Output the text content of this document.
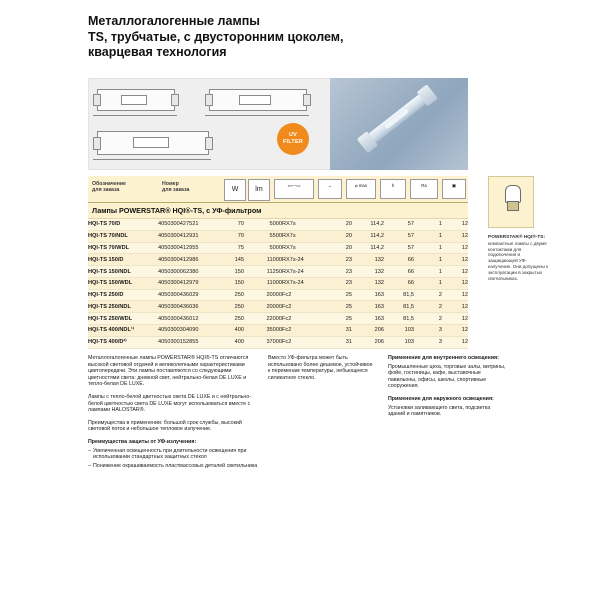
Металлогалогенные лампы
TS, трубчатые, с двусторонним цоколем,
кварцевая технология
UV
FILTER
Обозначение
для заказа
Номер
для заказа	W	lm
▭—▭	↔	⌀ max	h	Ra	▣
Лампы POWERSTAR® HQI®-TS, с УФ-фильтром
HQI-TS 70/D	4050300427521	70	5000	RX7s	20	114,2	57	1	12
HQI-TS 70/NDL	4050300412931	70	5500	RX7s	20	114,2	57	1	12
HQI-TS 70/WDL	4050300412955	75	5000	RX7s	20	114,2	57	1	12
HQI-TS 150/D	4050300412986	145	11000	RX7s-24	23	132	66	1	12
HQI-TS 150/NDL	4050300062380	150	11250	RX7s-24	23	132	66	1	12
HQI-TS 150/WDL	4050300412979	150	11000	RX7s-24	23	132	66	1	12
HQI-TS 250/D	4050300436029	250	20000	Fc2	25	163	81,5	2	12
HQI-TS 250/NDL	4050300436036	250	20000	Fc2	25	163	81,5	2	12
HQI-TS 250/WDL	4050300436012	250	22000	Fc2	25	163	81,5	2	12
HQI-TS 400/NDL¹⁾	4050300304090	400	35000	Fc2	31	206	103	3	12
HQI-TS 400/D²⁾	4050300152855	400	37000	Fc2	31	206	103	3	12
POWERSTAR® HQI®-TS: компактные лампы с двумя контактами для подключения и защищающей УФ-излучение. Они допущены к эксплуатации в закрытых светильниках.

Металлогалогенные лампы POWERSTAR® HQI®-TS отличаются высокой световой отдачей и великолепными характеристиками цветопередачи. Эти лампы поставляются со следующими цветностями света: дневной свет, нейтрально-белая DE LUXE и тепло-белая DE LUXE.

Лампы с тепло-белой цветностью света DE LUXE и с нейтрально-белой цветностью света DE LUXE могут использоваться вместе с лампами HALOSTAR®.

Преимущества в применении: большой срок службы, высокий световой поток и небольшое тепловое излучение.

Преимущества защиты от УФ-излучения:
– Увеличенная освещенность при длительности освещения при использовании стандартных защитных стекол
– Понижение окрашиваемость пластмассовых деталей светильника

Вместо УФ-фильтра может быть использовано более дешевое, устойчивое к переменам температуры, небьющееся силикатное стекло.

Применение для внутреннего освещения:

Промышленные цеха, торговые залы, витрины, фойе, гостиницы, кафе, выставочные павильоны, офисы, школы, спортивные сооружения.

Применение для наружного освещения:

Установки заливающего света, подсветка зданий и памятников.
